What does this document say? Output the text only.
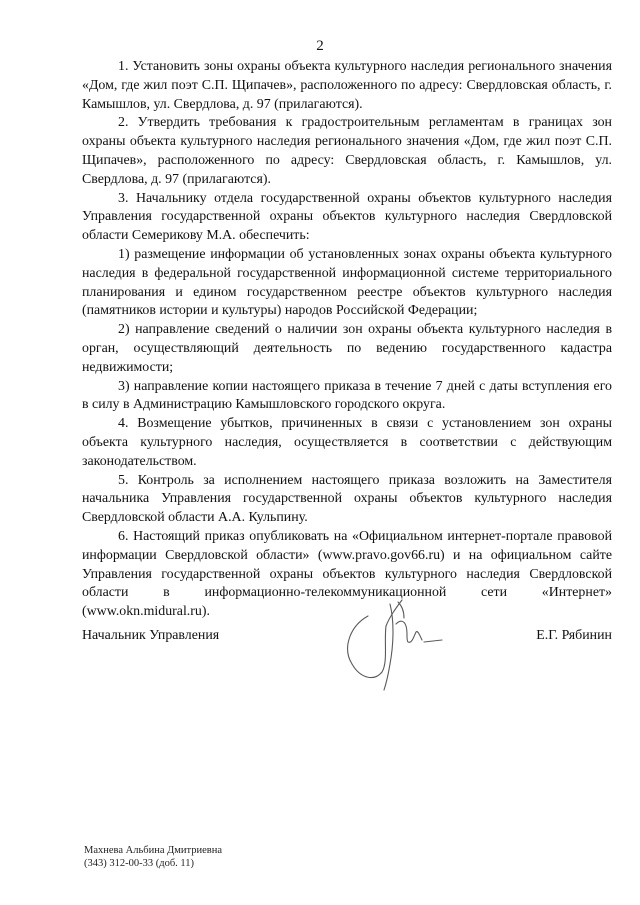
2

1. Установить зоны охраны объекта культурного наследия регионального значения «Дом, где жил поэт С.П. Щипачев», расположенного по адресу: Свердловская область, г. Камышлов, ул. Свердлова, д. 97 (прилагаются).

2. Утвердить требования к градостроительным регламентам в границах зон охраны объекта культурного наследия регионального значения «Дом, где жил поэт С.П. Щипачев», расположенного по адресу: Свердловская область, г. Камышлов, ул. Свердлова, д. 97 (прилагаются).

3. Начальнику отдела государственной охраны объектов культурного наследия Управления государственной охраны объектов культурного наследия Свердловской области Семерикову М.А. обеспечить:

1) размещение информации об установленных зонах охраны объекта культурного наследия в федеральной государственной информационной системе территориального планирования и едином государственном реестре объектов культурного наследия (памятников истории и культуры) народов Российской Федерации;

2) направление сведений о наличии зон охраны объекта культурного наследия в орган, осуществляющий деятельность по ведению государственного кадастра недвижимости;

3) направление копии настоящего приказа в течение 7 дней с даты вступления его в силу в Администрацию Камышловского городского округа.

4. Возмещение убытков, причиненных в связи с установлением зон охраны объекта культурного наследия, осуществляется в соответствии с действующим законодательством.

5. Контроль за исполнением настоящего приказа возложить на Заместителя начальника Управления государственной охраны объектов культурного наследия Свердловской области А.А. Кульпину.

6. Настоящий приказ опубликовать на «Официальном интернет-портале правовой информации Свердловской области» (www.pravo.gov66.ru) и на официальном сайте Управления государственной охраны объектов культурного наследия Свердловской области в информационно-телекоммуникационной сети «Интернет» (www.okn.midural.ru).

Начальник Управления	Е.Г. Рябинин
Махнева Альбина Дмитриевна
(343) 312-00-33 (доб. 11)
